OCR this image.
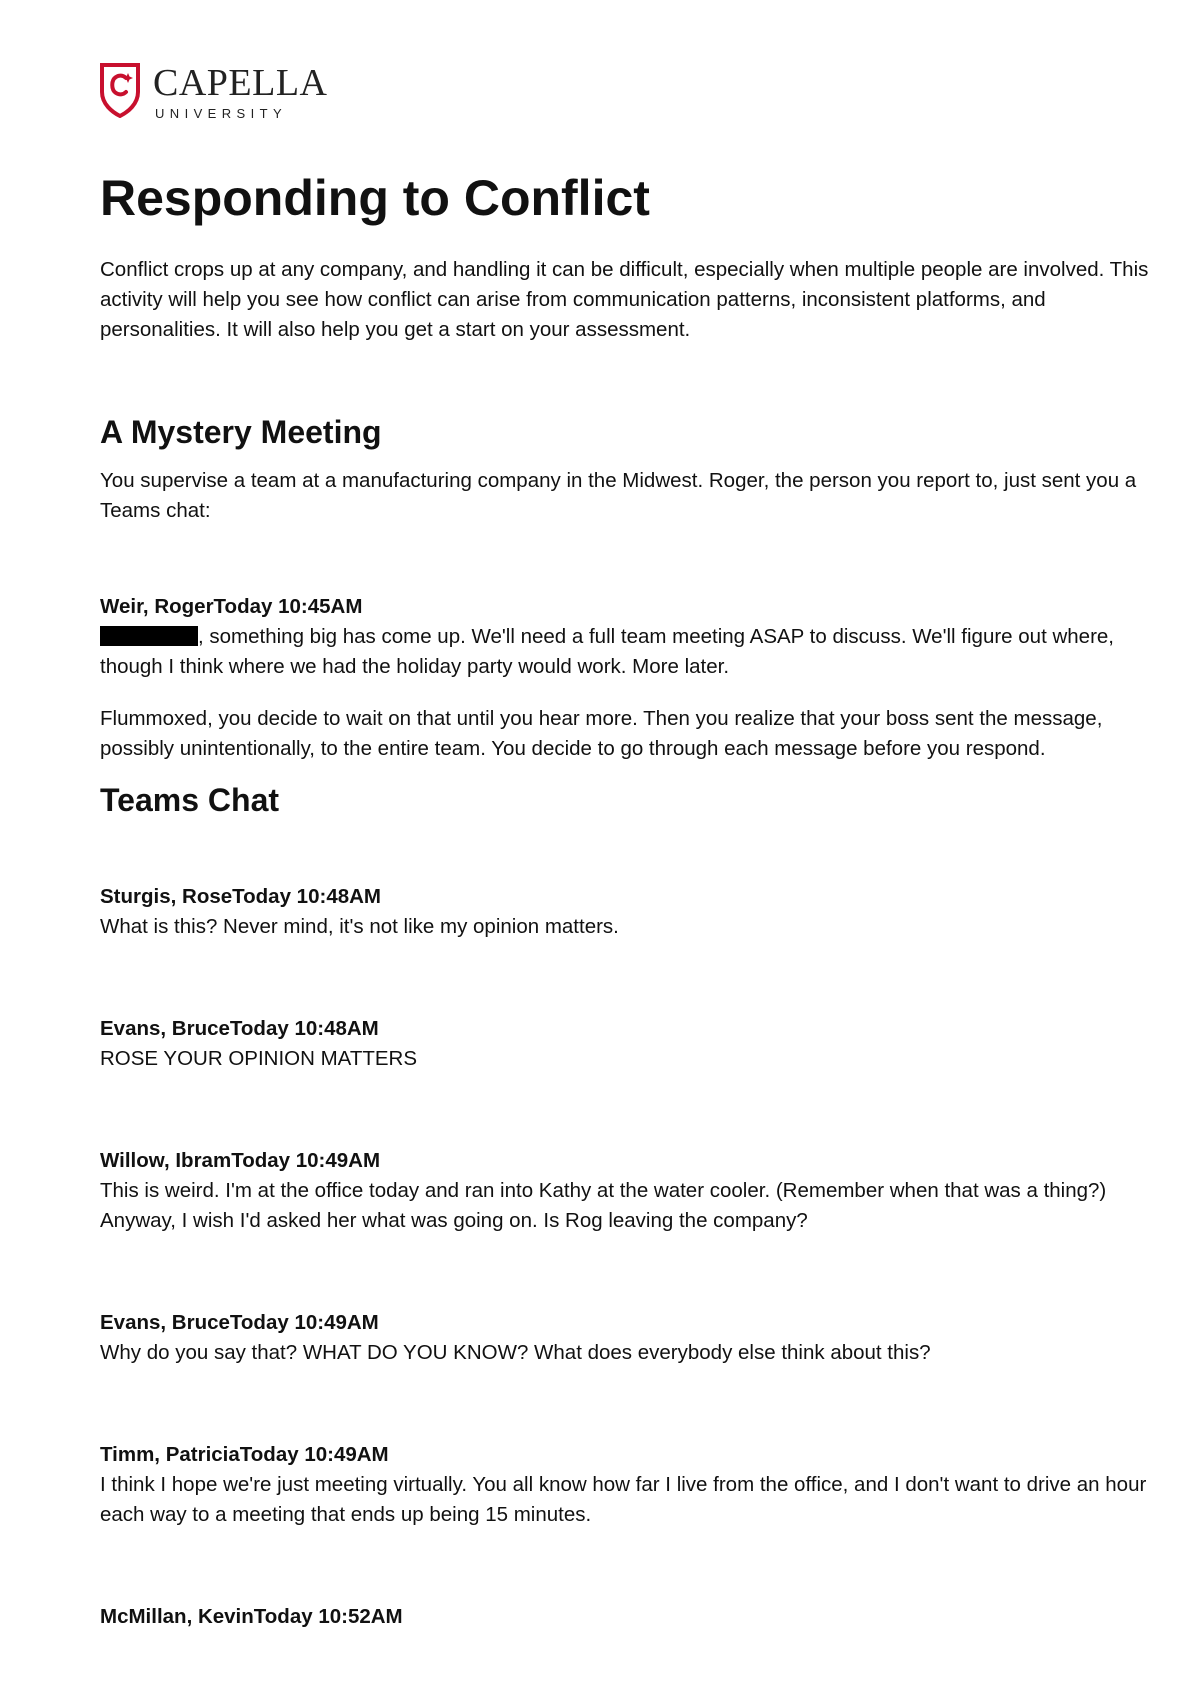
CAPELLA
UNIVERSITY
Responding to Conflict

Conflict crops up at any company, and handling it can be difficult, especially when multiple people are involved. This activity will help you see how conflict can arise from communication patterns, inconsistent platforms, and personalities. It will also help you get a start on your assessment.

A Mystery Meeting

You supervise a team at a manufacturing company in the Midwest. Roger, the person you report to, just sent you a Teams chat:

Weir, RogerToday 10:45AM
, something big has come up. We'll need a full team meeting ASAP to discuss. We'll figure out where, though I think where we had the holiday party would work. More later.

Flummoxed, you decide to wait on that until you hear more. Then you realize that your boss sent the message, possibly unintentionally, to the entire team. You decide to go through each message before you respond.

Teams Chat
Sturgis, RoseToday 10:48AM
What is this? Never mind, it's not like my opinion matters.
Evans, BruceToday 10:48AM
ROSE YOUR OPINION MATTERS
Willow, IbramToday 10:49AM
This is weird. I'm at the office today and ran into Kathy at the water cooler. (Remember when that was a thing?) Anyway, I wish I'd asked her what was going on. Is Rog leaving the company?
Evans, BruceToday 10:49AM
Why do you say that? WHAT DO YOU KNOW? What does everybody else think about this?
Timm, PatriciaToday 10:49AM
I think I hope we're just meeting virtually. You all know how far I live from the office, and I don't want to drive an hour each way to a meeting that ends up being 15 minutes.
McMillan, KevinToday 10:52AM
